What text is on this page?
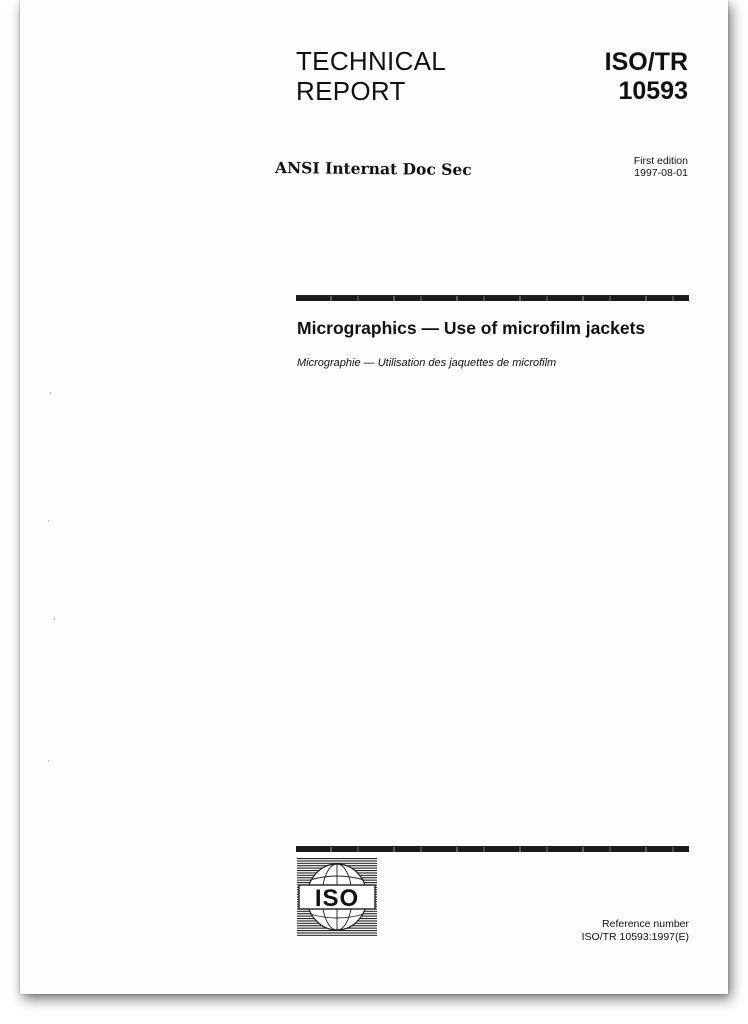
TECHNICAL
REPORT
ISO/TR
10593
ANSI Internat Doc Sec	First edition
1997-08-01
Micrographics — Use of microfilm jackets
Micrographie — Utilisation des jaquettes de microfilm
ISO
Reference number
ISO/TR 10593:1997(E)
